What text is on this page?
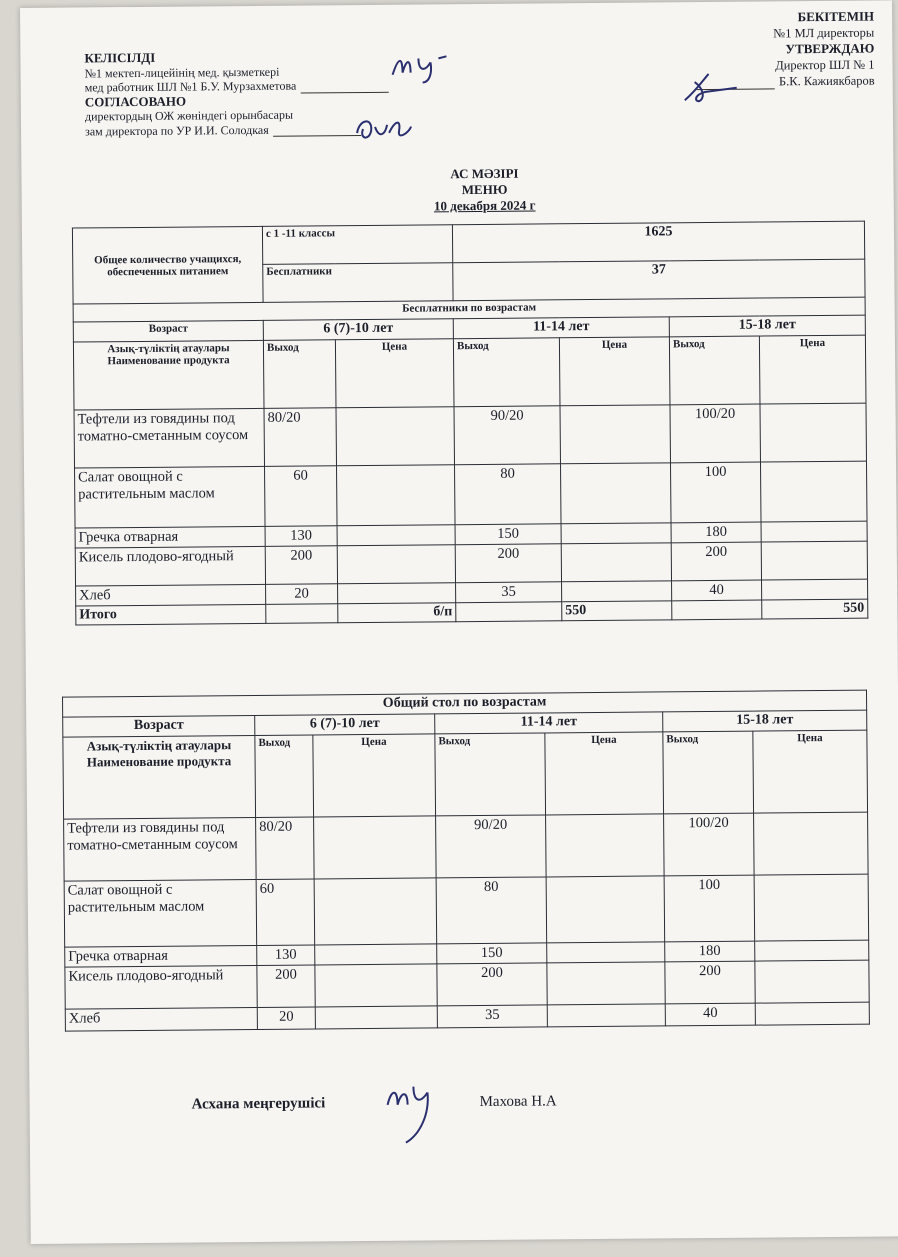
КЕЛІСІЛДІ
№1 мектеп-лицейінің мед. қызметкері
мед работник ШЛ №1 Б.У. Мурзахметова
СОГЛАСОВАНО
директордың ОЖ жөніндегі орынбасары
зам директора по УР И.И. Солодкая
БЕКІТЕМІН
№1 МЛ директоры
УТВЕРЖДАЮ
Директор ШЛ № 1
Б.К. Кажиякбаров
АС МӘЗІРІ
МЕНЮ
10 декабря 2024 г
Общее количество учащихся, обеспеченных питанием	с 1 -11 классы		1625			
	Бесплатники		37			
Бесплатники по возрастам						
Возраст	6 (7)-10 лет		11-14 лет		15-18 лет	
Азық-түліктің атаулары Наименование продукта	Выход	Цена	Выход	Цена	Выход	Цена
Тефтели из говядины под томатно-сметанным соусом	80/20		90/20		100/20	
Салат овощной с растительным маслом	60		80		100	
Гречка отварная	130		150		180	
Кисель плодово-ягодный	200		200		200	
Хлеб	20		35		40	
Итого		б/п		550		550
Общий стол по возрастам						
Возраст	6 (7)-10 лет		11-14 лет		15-18 лет	

Азық-түліктің атаулары
Наименование продукта	Выход	Цена	Выход	Цена	Выход	Цена
Тефтели из говядины под томатно-сметанным соусом	80/20		90/20		100/20	
Салат овощной с растительным маслом	60		80		100	
Гречка отварная	130		150		180	
Кисель плодово-ягодный	200		200		200	
Хлеб	20		35		40	
Асхана меңгерушісі	Махова Н.А
